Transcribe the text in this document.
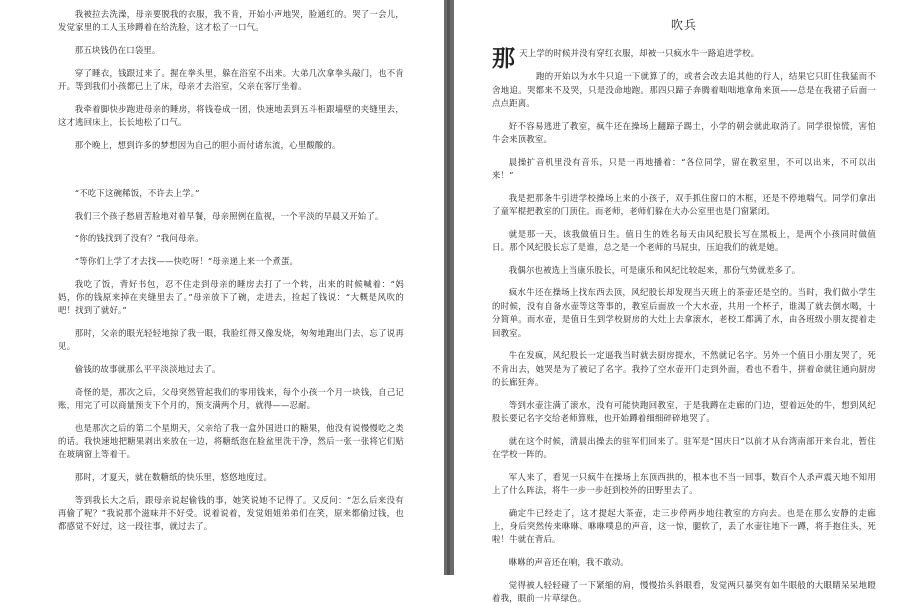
我被拉去洗澡，母亲要脱我的衣服，我不肯，开始小声地哭，脸通红的。哭了一会儿，发觉家里的工人玉珍蹲着在给洗脸，这才松了一口气。

那五块钱仍在口袋里。

穿了睡衣，钱跟过来了。握在拳头里，躲在浴室不出来。大弟几次拿拳头敲门，也不肯开。等到我们小孩都已上了床，母亲才去浴室，父亲在客厅坐着。

我牵着脚快步跑进母亲的睡房，将钱卷成一团，快速地丢到五斗柜跟墙壁的夹缝里去，这才逃回床上，长长地松了口气。

那个晚上，想到许多的梦想因为自己的胆小而付诸东流，心里酸酸的。

“不吃下这碗稀饭，不许去上学。”

我们三个孩子愁眉苦脸地对着早餐，母亲照例在监视，一个平淡的早晨又开始了。

“你的钱找到了没有？”我问母亲。

“等你们上学了才去找——快吃呀！”母亲递上来一个煮蛋。

我吃了饭，背好书包，忍不住走到母亲的睡房去打了一个转，出来的时候喊着：“妈妈，你的钱原来掉在夹缝里去了。”母亲放下了碗，走进去，捡起了钱说：“大概是风吹的吧！找到了就好。”

那时，父亲的眼光轻轻地掠了我一眼，我脸红得又像发烧，匆匆地跑出门去，忘了说再见。

偷钱的故事就那么平平淡淡地过去了。

奇怪的是，那次之后，父母突然管起我们的零用钱来，每个小孩一个月一块钱，自己记账，用完了可以商量预支下个月的，预支满两个月，就得——忍耐。

也是那次之后的第二个星期天，父亲给了我一盒外国进口的糖果，他没有说慢慢吃之类的话。我快速地把糖果剥出来放在一边，将糖纸泡在脸盆里洗干净，然后一张一张将它们贴在玻璃窗上等着干。

那时，才夏天，就在数糖纸的快乐里，悠悠地度过。

等到我长大之后，跟母亲说起偷钱的事，她笑说她不记得了。又反问：“怎么后来没有再偷了呢？”我说那个滋味并不好受。说着说着，发觉姐姐弟弟们在笑，原来都偷过钱，也都感觉不好过，这一段往事，就过去了。

吹兵

那天上学的时候并没有穿红衣服，却被一只疯水牛一路追进学校。

跑的开始以为水牛只追一下就算了的，或者会改去追其他的行人，结果它只盯住我猛而不舍地追。哭都来不及哭，只是没命地跑。那四只蹄子奔腾着咄咄地拿角来顶——总是在我裙子后面一点点距离。

好不容易逃进了教室，疯牛还在操场上翻蹄子踢土，小学的朝会就此取消了。同学很惊慌，害怕牛会来顶教室。

晨操扩音机里没有音乐，只是一再地播着：“各位同学，留在教室里，不可以出来，不可以出来！”

我是把那条牛引进学校操场上来的小孩子，双手抓住窗口的木框，还是不停地喘气。同学们拿出了童军棍把教室的门顶住。而老师，老师们躲在大办公室里也是门窗紧闭。

就是那一天，该我做值日生。值日生的姓名每天由风纪股长写在黑板上，是两个小孩同时做值日。那个风纪股长忘了是谁，总之是一个老师的马屁虫，压迫我们的就是她。

我偶尔也被选上当康乐股长，可是康乐和风纪比较起来，那份气势就差多了。

疯水牛还在操场上找东西去顶，风纪股长却发现当天班上的茶壶还是空的。当时，我们做小学生的时候，没有自备水壶等这等事的，教室后面放一个大水壶，共用一个杯子，谁渴了就去倒水喝，十分简单。而水壶，是值日生到学校厨房的大灶上去拿滚水，老校工都满了水，由各班级小朋友提着走回教室。

牛在发疯，风纪股长一定逼我当时就去厨房提水，不然就记名字。另外一个值日小朋友哭了，死不肯出去，她哭是为了被记了名字。我拎了空水壶开门走到外面，看也不看牛，拼着命就往通向厨房的长廊狂奔。

等到水壶注满了滚水，没有可能快跑回教室，于是我蹲在走廊的门边，望着远处的牛，想到风纪股长要记名字交给老师算账，也开始蹲着细细碎碎地哭了。

就在这个时候，清晨出操去的驻军们回来了。驻军是“国庆日”以前才从台湾南部开来台北，暂住在学校一阵的。

军人来了，看见一只疯牛在操场上东顶西拱的，根本也不当一回事，数百个人杀声震天地不知用上了什么阵法，将牛一步一步赶到校外的田野里去了。

确定牛已经走了，这才提起大茶壶，走三步停两步地往教室的方向去。也是在那么安静的走廊上，身后突然传来咻咻、咻咻噗息的声音，这一惊，腿软了，丢了水壶往地下一蹲，将手抱住头，死啦！牛就在背后。

咻咻的声音还在响，我不敢动。

觉得被人轻轻碰了一下紧缩的肩，慢慢抬头斜眼看，发觉两只暴突有如牛眼般的大眼睛呆呆地瞪着我，眼前一片草绿色。
